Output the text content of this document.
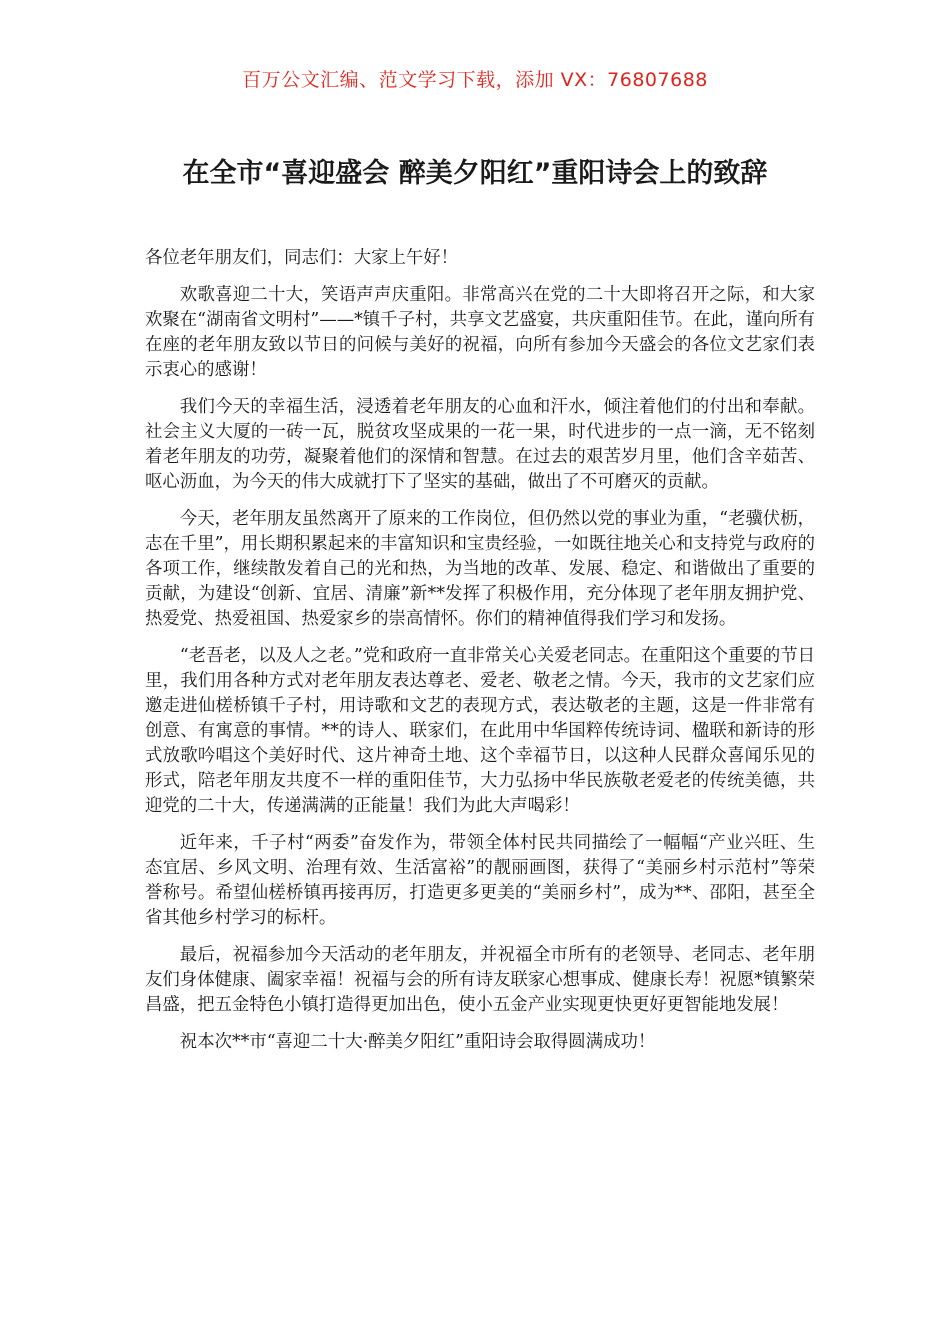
百万公文汇编、范文学习下载，添加 VX：76807688
在全市“喜迎盛会 醉美夕阳红”重阳诗会上的致辞

各位老年朋友们，同志们：大家上午好！

欢歌喜迎二十大，笑语声声庆重阳。非常高兴在党的二十大即将召开之际，和大家欢聚在“湖南省文明村”——*镇千子村，共享文艺盛宴，共庆重阳佳节。在此，谨向所有在座的老年朋友致以节日的问候与美好的祝福，向所有参加今天盛会的各位文艺家们表示衷心的感谢！

我们今天的幸福生活，浸透着老年朋友的心血和汗水，倾注着他们的付出和奉献。社会主义大厦的一砖一瓦，脱贫攻坚成果的一花一果，时代进步的一点一滴，无不铭刻着老年朋友的功劳，凝聚着他们的深情和智慧。在过去的艰苦岁月里，他们含辛茹苦、呕心沥血，为今天的伟大成就打下了坚实的基础，做出了不可磨灭的贡献。

今天，老年朋友虽然离开了原来的工作岗位，但仍然以党的事业为重，“老骥伏枥，志在千里”，用长期积累起来的丰富知识和宝贵经验，一如既往地关心和支持党与政府的各项工作，继续散发着自己的光和热，为当地的改革、发展、稳定、和谐做出了重要的贡献，为建设“创新、宜居、清廉”新**发挥了积极作用，充分体现了老年朋友拥护党、热爱党、热爱祖国、热爱家乡的崇高情怀。你们的精神值得我们学习和发扬。

“老吾老，以及人之老。”党和政府一直非常关心关爱老同志。在重阳这个重要的节日里，我们用各种方式对老年朋友表达尊老、爱老、敬老之情。今天，我市的文艺家们应邀走进仙槎桥镇千子村，用诗歌和文艺的表现方式，表达敬老的主题，这是一件非常有创意、有寓意的事情。**的诗人、联家们，在此用中华国粹传统诗词、楹联和新诗的形式放歌吟唱这个美好时代、这片神奇土地、这个幸福节日，以这种人民群众喜闻乐见的形式，陪老年朋友共度不一样的重阳佳节，大力弘扬中华民族敬老爱老的传统美德，共迎党的二十大，传递满满的正能量！我们为此大声喝彩！

近年来，千子村“两委”奋发作为，带领全体村民共同描绘了一幅幅“产业兴旺、生态宜居、乡风文明、治理有效、生活富裕”的靓丽画图，获得了“美丽乡村示范村”等荣誉称号。希望仙槎桥镇再接再厉，打造更多更美的“美丽乡村”，成为**、邵阳，甚至全省其他乡村学习的标杆。

最后，祝福参加今天活动的老年朋友，并祝福全市所有的老领导、老同志、老年朋友们身体健康、阖家幸福！祝福与会的所有诗友联家心想事成、健康长寿！祝愿*镇繁荣昌盛，把五金特色小镇打造得更加出色，使小五金产业实现更快更好更智能地发展！

祝本次**市“喜迎二十大·醉美夕阳红”重阳诗会取得圆满成功！
